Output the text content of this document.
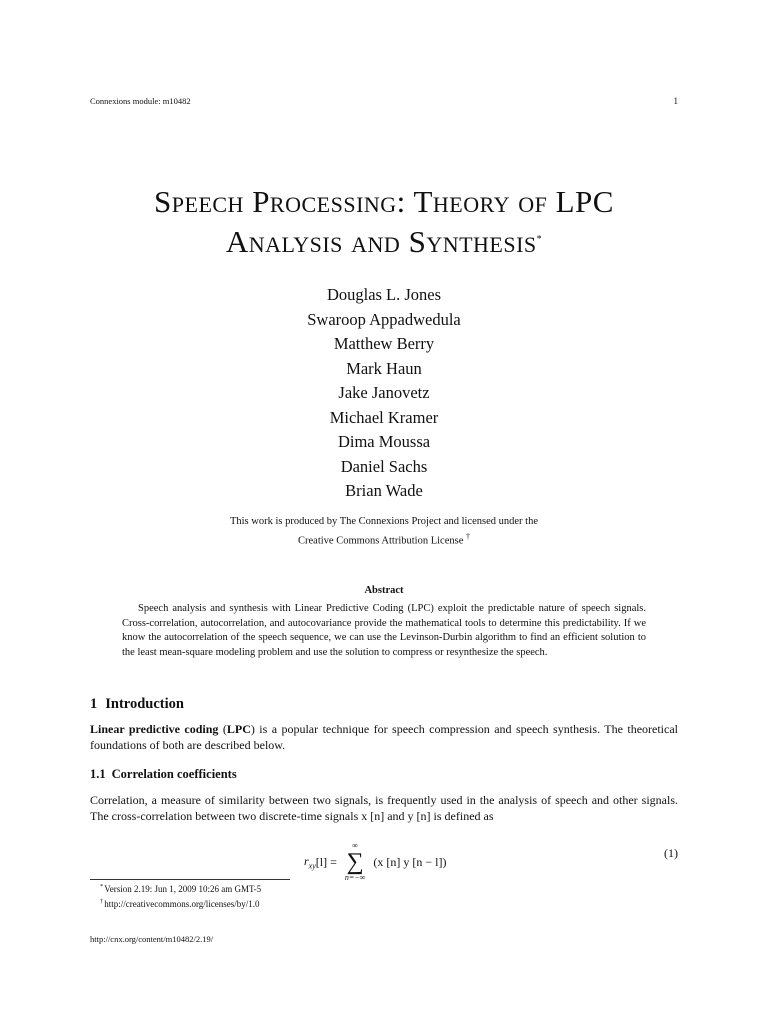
Connexions module: m10482	1
Speech Processing: Theory of LPC
Analysis and Synthesis*
Douglas L. Jones
Swaroop Appadwedula
Matthew Berry
Mark Haun
Jake Janovetz
Michael Kramer
Dima Moussa
Daniel Sachs
Brian Wade
This work is produced by The Connexions Project and licensed under the
Creative Commons Attribution License †
Abstract
Speech analysis and synthesis with Linear Predictive Coding (LPC) exploit the predictable nature of speech signals. Cross-correlation, autocorrelation, and autocovariance provide the mathematical tools to determine this predictability. If we know the autocorrelation of the speech sequence, we can use the Levinson-Durbin algorithm to find an efficient solution to the least mean-square modeling problem and use the solution to compress or resynthesize the speech.
1 Introduction
Linear predictive coding (LPC) is a popular technique for speech compression and speech synthesis. The theoretical foundations of both are described below.
1.1 Correlation coefficients
Correlation, a measure of similarity between two signals, is frequently used in the analysis of speech and other signals. The cross-correlation between two discrete-time signals x [n] and y [n] is defined as
$r_{xy}$ [l] =
∞
∑
n=−∞
(x [n] y [n − l])
(1)
*Version 2.19: Jun 1, 2009 10:26 am GMT-5
†http://creativecommons.org/licenses/by/1.0
http://cnx.org/content/m10482/2.19/
